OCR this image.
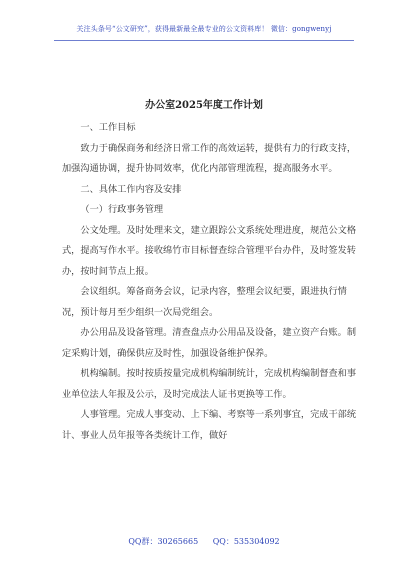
关注头条号“公文研究”，获得最新最全最专业的公文资料库！ 微信：gongwenyj
办公室2025年度工作计划

一、工作目标

致力于确保商务和经济日常工作的高效运转，提供有力的行政支持，加强沟通协调，提升协同效率，优化内部管理流程，提高服务水平。

二、具体工作内容及安排

（一）行政事务管理

公文处理。及时处理来文，建立跟踪公文系统处理进度，规范公文格式，提高写作水平。接收绵竹市目标督查综合管理平台办件，及时签发转办，按时间节点上报。

会议组织。筹备商务会议，记录内容，整理会议纪要，跟进执行情况，预计每月至少组织一次局党组会。

办公用品及设备管理。清查盘点办公用品及设备，建立资产台账。制定采购计划，确保供应及时性，加强设备维护保养。

机构编制。按时按质按量完成机构编制统计，完成机构编制督查和事业单位法人年报及公示，及时完成法人证书更换等工作。

人事管理。完成人事变动、上下编、考察等一系列事宜，完成干部统计、事业人员年报等各类统计工作，做好

QQ群：30265665 QQ：535304092
